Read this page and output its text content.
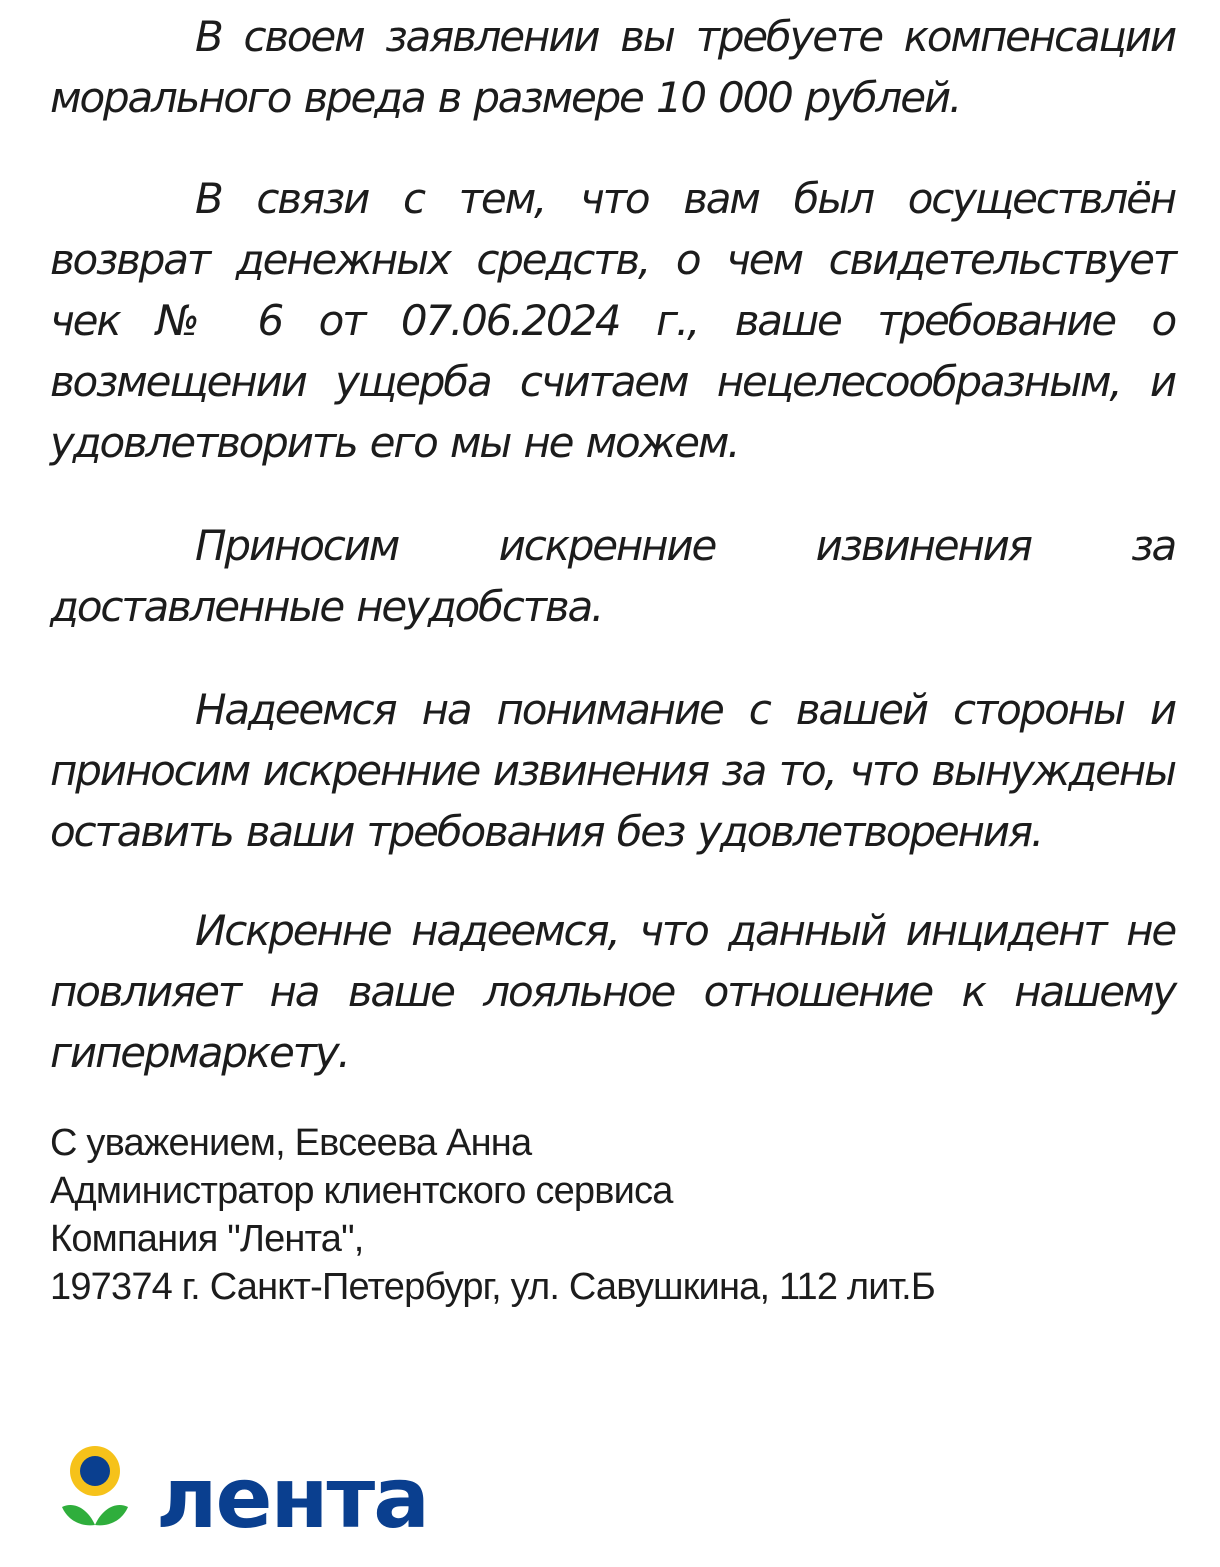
В своем заявлении вы требуете компенсации морального вреда в размере 10 000 рублей.

В связи с тем, что вам был осуществлён возврат денежных средств, о чем свидетельствует чек № 6 от 07.06.2024 г., ваше требование о возмещении ущерба считаем нецелесообразным, и удовлетворить его мы не можем.

Приносим искренние извинения за доставленные неудобства.

Надеемся на понимание с вашей стороны и приносим искренние извинения за то, что вынуждены оставить ваши требования без удовлетворения.

Искренне надеемся, что данный инцидент не повлияет на ваше лояльное отношение к нашему гипермаркету.

С уважением, Евсеева Анна
Администратор клиентского сервиса
Компания "Лента",
197374 г. Санкт-Петербург, ул. Савушкина, 112 лит.Б
лента
